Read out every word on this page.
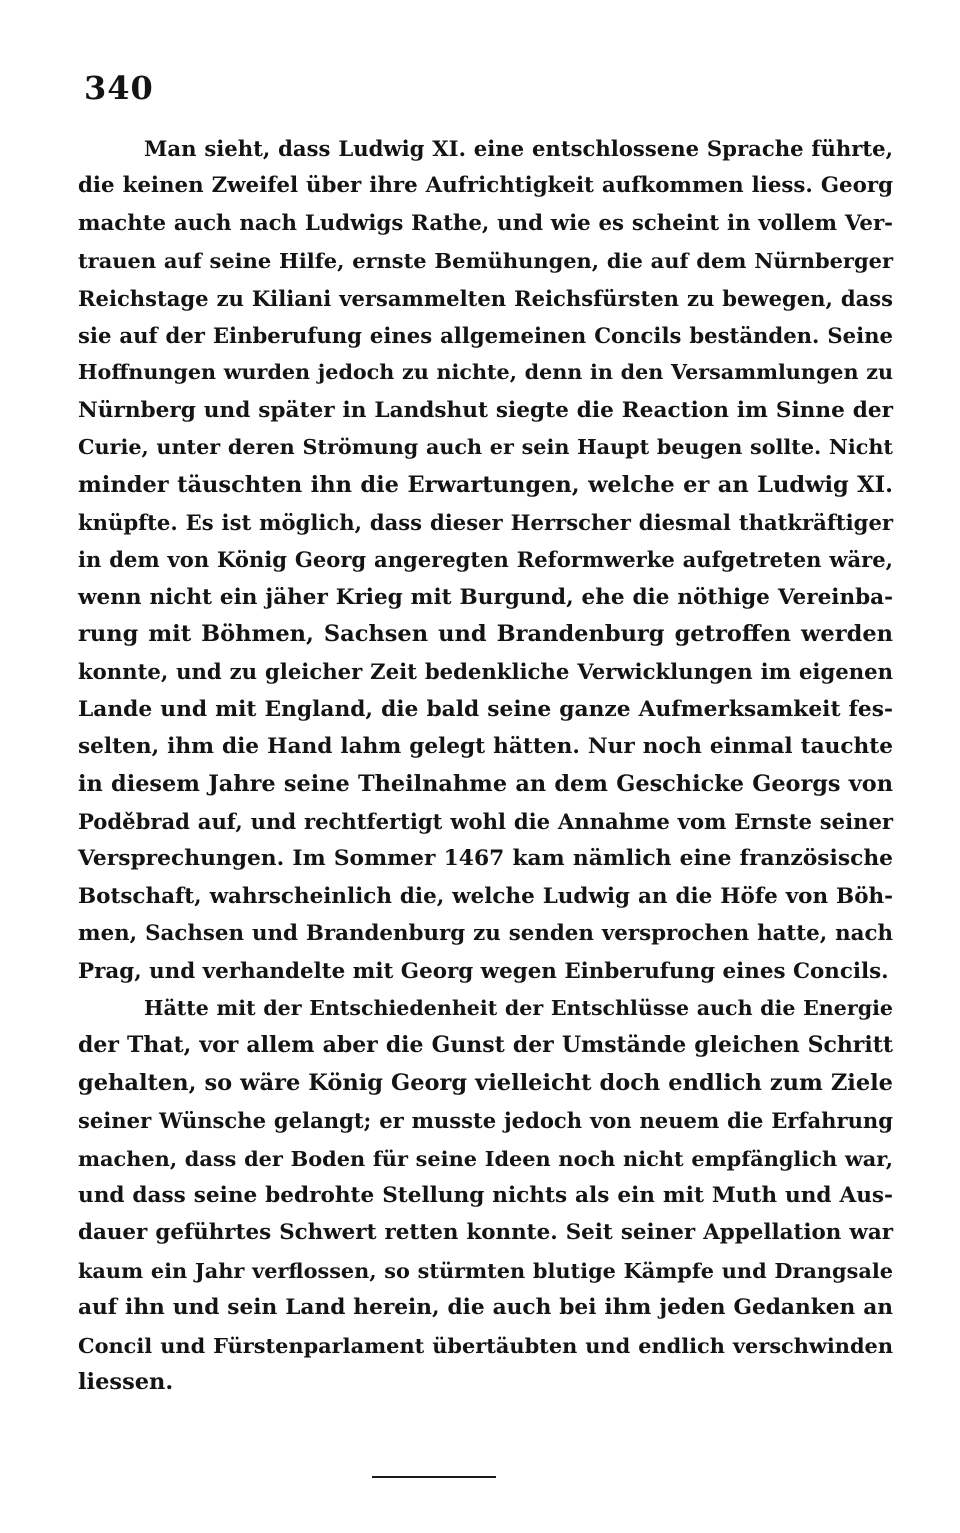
340
Man sieht, dass Ludwig XI. eine entschlossene Sprache führte,
die keinen Zweifel über ihre Aufrichtigkeit aufkommen liess. Georg
machte auch nach Ludwigs Rathe, und wie es scheint in vollem Ver-
trauen auf seine Hilfe, ernste Bemühungen, die auf dem Nürnberger
Reichstage zu Kiliani versammelten Reichsfürsten zu bewegen, dass
sie auf der Einberufung eines allgemeinen Concils beständen. Seine
Hoffnungen wurden jedoch zu nichte, denn in den Versammlungen zu
Nürnberg und später in Landshut siegte die Reaction im Sinne der
Curie, unter deren Strömung auch er sein Haupt beugen sollte. Nicht
minder täuschten ihn die Erwartungen, welche er an Ludwig XI.
knüpfte. Es ist möglich, dass dieser Herrscher diesmal thatkräftiger
in dem von König Georg angeregten Reformwerke aufgetreten wäre,
wenn nicht ein jäher Krieg mit Burgund, ehe die nöthige Vereinba-
rung mit Böhmen, Sachsen und Brandenburg getroffen werden
konnte, und zu gleicher Zeit bedenkliche Verwicklungen im eigenen
Lande und mit England, die bald seine ganze Aufmerksamkeit fes-
selten, ihm die Hand lahm gelegt hätten. Nur noch einmal tauchte
in diesem Jahre seine Theilnahme an dem Geschicke Georgs von
Poděbrad auf, und rechtfertigt wohl die Annahme vom Ernste seiner
Versprechungen. Im Sommer 1467 kam nämlich eine französische
Botschaft, wahrscheinlich die, welche Ludwig an die Höfe von Böh-
men, Sachsen und Brandenburg zu senden versprochen hatte, nach
Prag, und verhandelte mit Georg wegen Einberufung eines Concils.
Hätte mit der Entschiedenheit der Entschlüsse auch die Energie
der That, vor allem aber die Gunst der Umstände gleichen Schritt
gehalten, so wäre König Georg vielleicht doch endlich zum Ziele
seiner Wünsche gelangt; er musste jedoch von neuem die Erfahrung
machen, dass der Boden für seine Ideen noch nicht empfänglich war,
und dass seine bedrohte Stellung nichts als ein mit Muth und Aus-
dauer geführtes Schwert retten konnte. Seit seiner Appellation war
kaum ein Jahr verflossen, so stürmten blutige Kämpfe und Drangsale
auf ihn und sein Land herein, die auch bei ihm jeden Gedanken an
Concil und Fürstenparlament übertäubten und endlich verschwinden
liessen.
